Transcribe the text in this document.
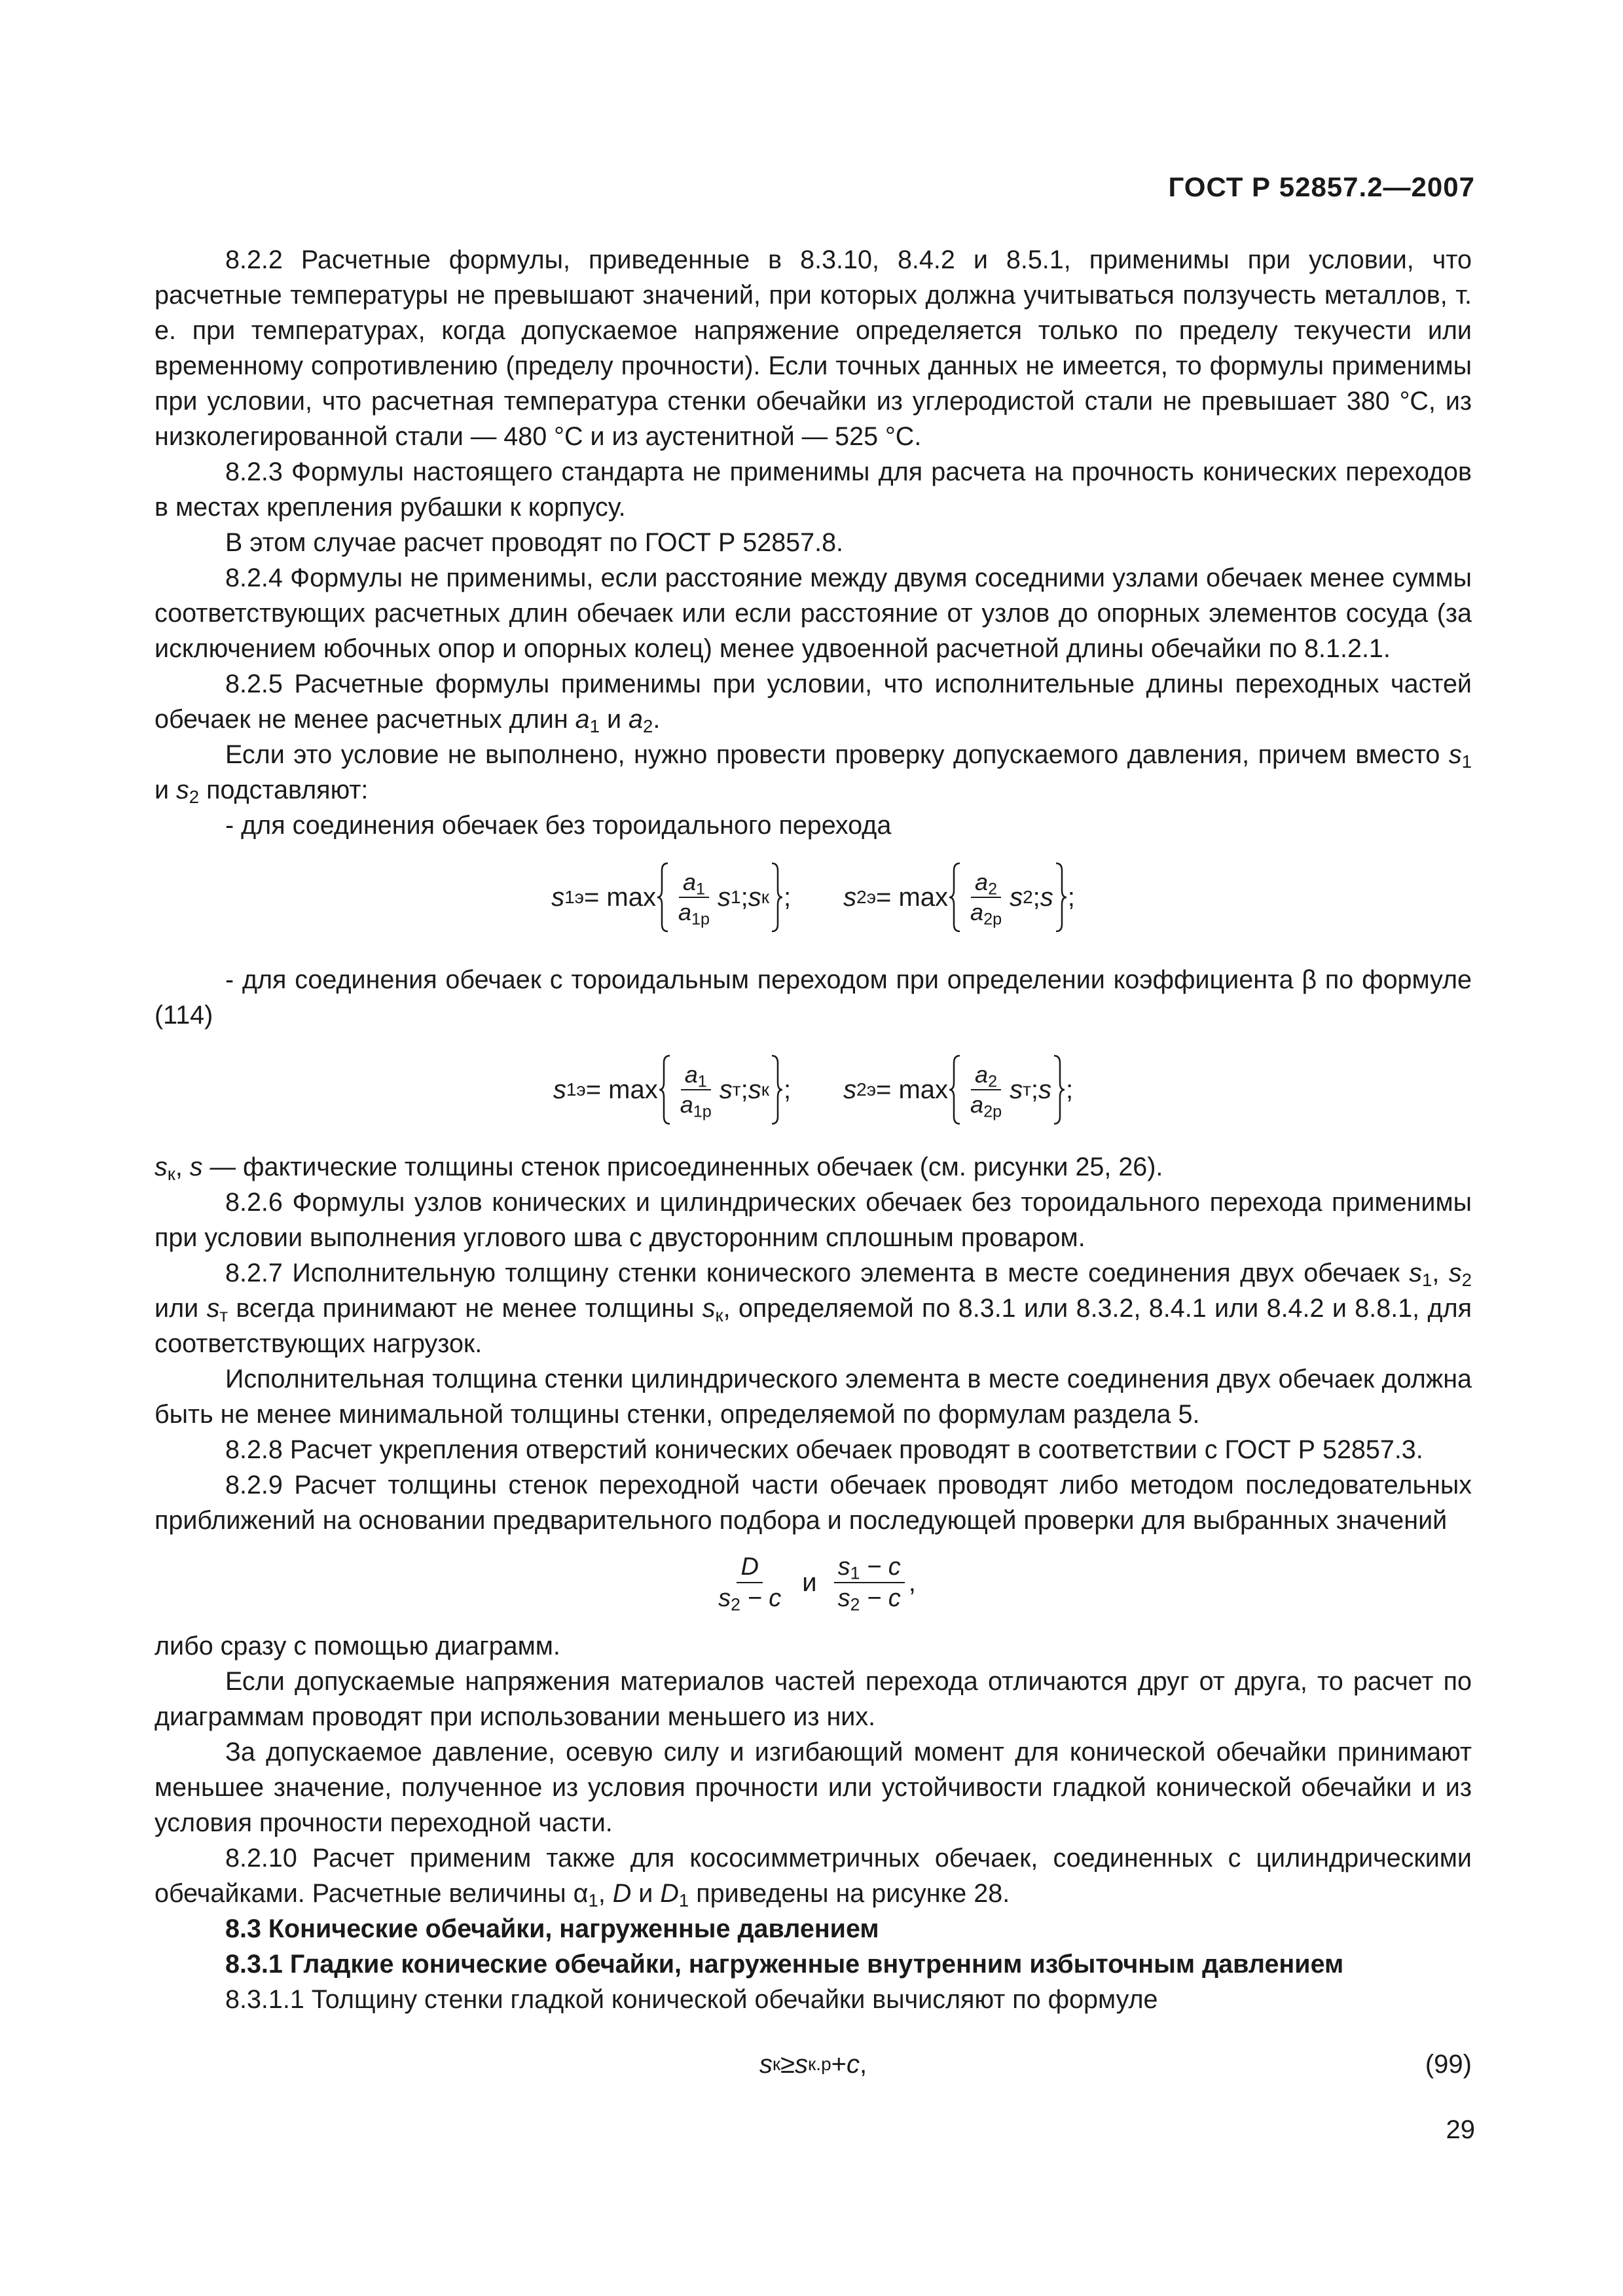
ГОСТ Р 52857.2—2007

8.2.2 Расчетные формулы, приведенные в 8.3.10, 8.4.2 и 8.5.1, применимы при условии, что расчетные температуры не превышают значений, при которых должна учитываться ползучесть металлов, т. е. при температурах, когда допускаемое напряжение определяется только по пределу текучести или временному сопротивлению (пределу прочности). Если точных данных не имеется, то формулы применимы при условии, что расчетная температура стенки обечайки из углеродистой стали не превышает 380 °С, из низколегированной стали — 480 °С и из аустенитной — 525 °С.

8.2.3 Формулы настоящего стандарта не применимы для расчета на прочность конических переходов в местах крепления рубашки к корпусу.

В этом случае расчет проводят по ГОСТ Р 52857.8.

8.2.4 Формулы не применимы, если расстояние между двумя соседними узлами обечаек менее суммы соответствующих расчетных длин обечаек или если расстояние от узлов до опорных элементов сосуда (за исключением юбочных опор и опорных колец) менее удвоенной расчетной длины обечайки по 8.1.2.1.

8.2.5 Расчетные формулы применимы при условии, что исполнительные длины переходных частей обечаек не менее расчетных длин $a_1$ и $a_2$.

Если это условие не выполнено, нужно провести проверку допускаемого давления, причем вместо $s_1$ и $s_2$ подставляют:

- для соединения обечаек без тороидального перехода

s $1э = \max \frac{a_1}{a_{1р}}$ s 1 ; s к ; s $2э = \max \frac{a_2}{a_{2р}}$ s 2 ; s ;

- для соединения обечаек с тороидальным переходом при определении коэффициента β по формуле (114)

s $1э = \max \frac{a_1}{a_{1р}}$ s т ; s к ; s $2э = \max \frac{a_2}{a_{2р}}$ s т ; s ;

$s_к$, s — фактические толщины стенок присоединенных обечаек (см. рисунки 25, 26).

8.2.6 Формулы узлов конических и цилиндрических обечаек без тороидального перехода применимы при условии выполнения углового шва с двусторонним сплошным проваром.

8.2.7 Исполнительную толщину стенки конического элемента в месте соединения двух обечаек $s_1$, $s_2$ или $s_т$ всегда принимают не менее толщины $s_к$, определяемой по 8.3.1 или 8.3.2, 8.4.1 или 8.4.2 и 8.8.1, для соответствующих нагрузок.

Исполнительная толщина стенки цилиндрического элемента в месте соединения двух обечаек должна быть не менее минимальной толщины стенки, определяемой по формулам раздела 5.

8.2.8 Расчет укрепления отверстий конических обечаек проводят в соответствии с ГОСТ Р 52857.3.

8.2.9 Расчет толщины стенок переходной части обечаек проводят либо методом последовательных приближений на основании предварительного подбора и последующей проверки для выбранных значений

$\frac{D}{s_2 - c}$ и $\frac{s_1 - c}{s_2 - c}$ ,

либо сразу с помощью диаграмм.

Если допускаемые напряжения материалов частей перехода отличаются друг от друга, то расчет по диаграммам проводят при использовании меньшего из них.

За допускаемое давление, осевую силу и изгибающий момент для конической обечайки принимают меньшее значение, полученное из условия прочности или устойчивости гладкой конической обечайки и из условия прочности переходной части.

8.2.10 Расчет применим также для кососимметричных обечаек, соединенных с цилиндрическими обечайками. Расчетные величины $\alpha_1$, D и $D_1$ приведены на рисунке 28.

8.3 Конические обечайки, нагруженные давлением

8.3.1 Гладкие конические обечайки, нагруженные внутренним избыточным давлением

8.3.1.1 Толщину стенки гладкой конической обечайки вычисляют по формуле

s к ≥ s к.р + c ,	(99)
29
